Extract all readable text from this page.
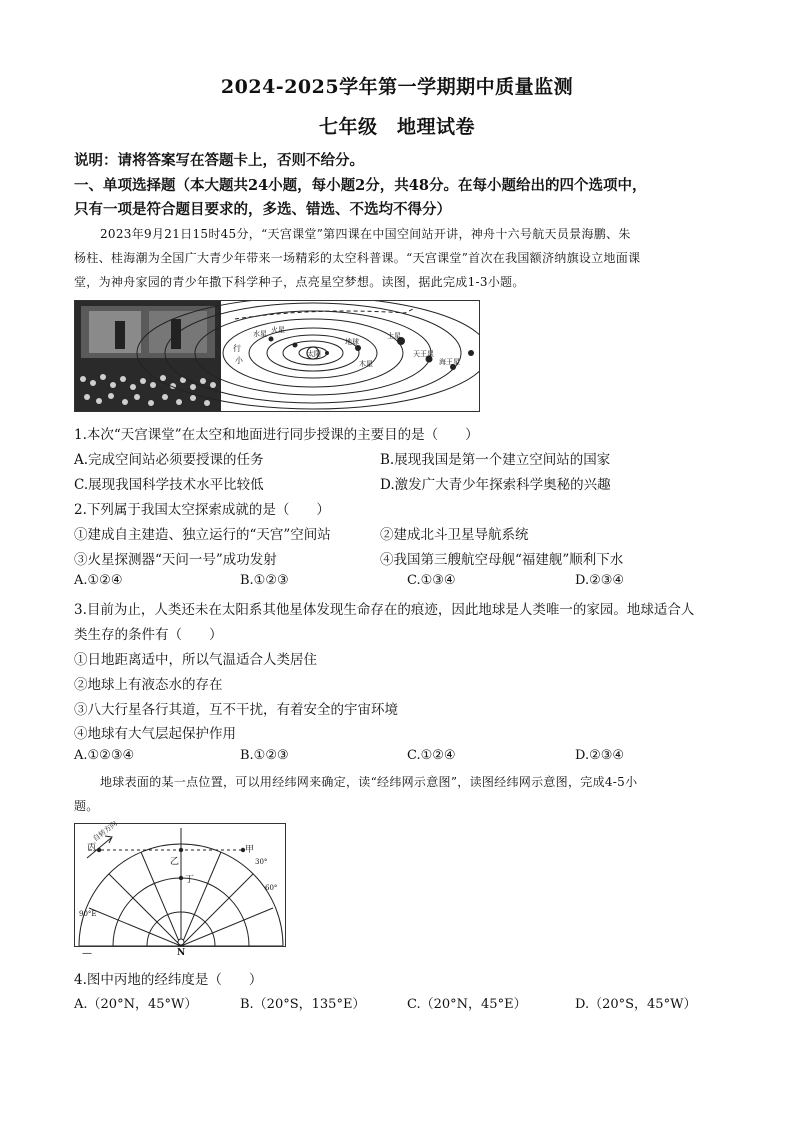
2024-2025学年第一学期期中质量监测
七年级　地理试卷
说明：请将答案写在答题卡上，否则不给分。
一、单项选择题（本大题共24小题，每小题2分，共48分。在每小题给出的四个选项中，
只有一项是符合题目要求的，多选、错选、不选均不得分）
2023年9月21日15时45分，“天宫课堂”第四课在中国空间站开讲，神舟十六号航天员景海鹏、朱
杨柱、桂海潮为全国广大青少年带来一场精彩的太空科普课。“天宫课堂”首次在我国额济纳旗设立地面课
堂，为神舟家园的青少年撒下科学种子，点亮星空梦想。读图，据此完成1-3小题。
行
小
水星 火星
土星
天王星
海王星
地球
木星
太阳
1.本次“天宫课堂”在太空和地面进行同步授课的主要目的是（　　）
A.完成空间站必须要授课的任务	B.展现我国是第一个建立空间站的国家
C.展现我国科学技术水平比较低	D.激发广大青少年探索科学奥秘的兴趣
2.下列属于我国太空探索成就的是（　　）
①建成自主建造、独立运行的“天宫”空间站	②建成北斗卫星导航系统
③火星探测器“天问一号”成功发射	④我国第三艘航空母舰“福建舰”顺利下水
A.①②④	B.①②③	C.①③④	D.②③④
3.目前为止，人类还未在太阳系其他星体发现生命存在的痕迹，因此地球是人类唯一的家园。地球适合人
类生存的条件有（　　）
①日地距离适中，所以气温适合人类居住
②地球上有液态水的存在
③八大行星各行其道，互不干扰，有着安全的宇宙环境
④地球有大气层起保护作用
A.①②③④	B.①②③	C.①②④	D.②③④
地球表面的某一点位置，可以用经纬网来确定，读“经纬网示意图”，读图经纬网示意图，完成4-5小
题。
自转方向
丙
乙
丁
甲
30°
60°
90°E
N
—
4.图中丙地的经纬度是（　　）
A.（20°N，45°W）	B.（20°S，135°E）	C.（20°N，45°E）	D.（20°S，45°W）
